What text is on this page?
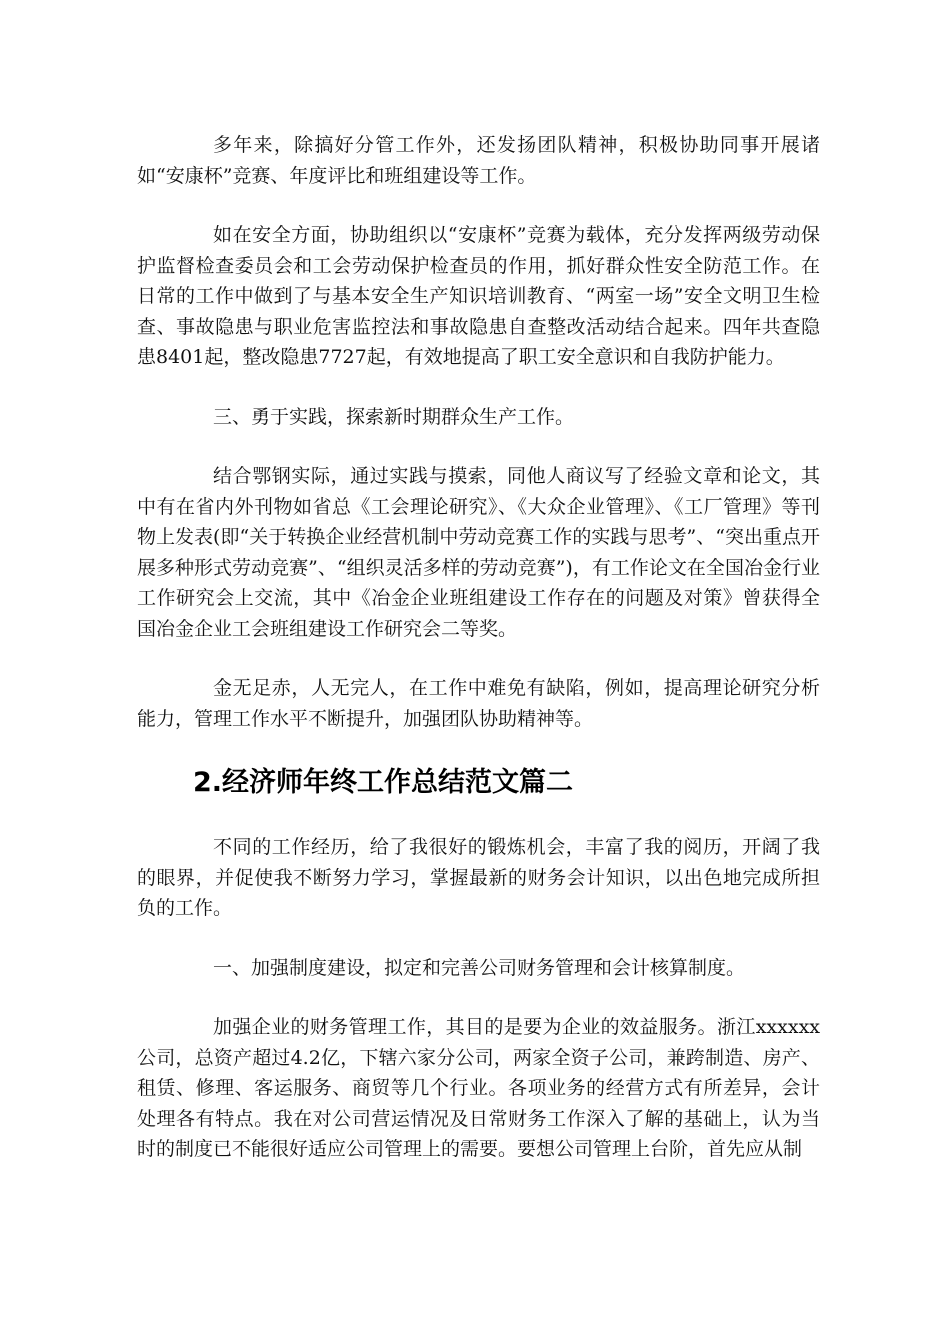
多年来，除搞好分管工作外，还发扬团队精神，积极协助同事开展诸如“安康杯”竞赛、年度评比和班组建设等工作。

如在安全方面，协助组织以“安康杯”竞赛为载体，充分发挥两级劳动保护监督检查委员会和工会劳动保护检查员的作用，抓好群众性安全防范工作。在日常的工作中做到了与基本安全生产知识培训教育、“两室一场”安全文明卫生检查、事故隐患与职业危害监控法和事故隐患自查整改活动结合起来。四年共查隐患8401起，整改隐患7727起，有效地提高了职工安全意识和自我防护能力。

三、勇于实践，探索新时期群众生产工作。

结合鄂钢实际，通过实践与摸索，同他人商议写了经验文章和论文，其中有在省内外刊物如省总《工会理论研究》、《大众企业管理》、《工厂管理》等刊物上发表(即“关于转换企业经营机制中劳动竞赛工作的实践与思考”、“突出重点开展多种形式劳动竞赛”、“组织灵活多样的劳动竞赛”)，有工作论文在全国冶金行业工作研究会上交流，其中《冶金企业班组建设工作存在的问题及对策》曾获得全国冶金企业工会班组建设工作研究会二等奖。

金无足赤，人无完人，在工作中难免有缺陷，例如，提高理论研究分析能力，管理工作水平不断提升，加强团队协助精神等。

2.经济师年终工作总结范文篇二

不同的工作经历，给了我很好的锻炼机会，丰富了我的阅历，开阔了我的眼界，并促使我不断努力学习，掌握最新的财务会计知识，以出色地完成所担负的工作。

一、加强制度建设，拟定和完善公司财务管理和会计核算制度。

加强企业的财务管理工作，其目的是要为企业的效益服务。浙江xxxxxx公司，总资产超过4.2亿，下辖六家分公司，两家全资子公司，兼跨制造、房产、租赁、修理、客运服务、商贸等几个行业。各项业务的经营方式有所差异，会计处理各有特点。我在对公司营运情况及日常财务工作深入了解的基础上，认为当时的制度已不能很好适应公司管理上的需要。要想公司管理上台阶，首先应从制
